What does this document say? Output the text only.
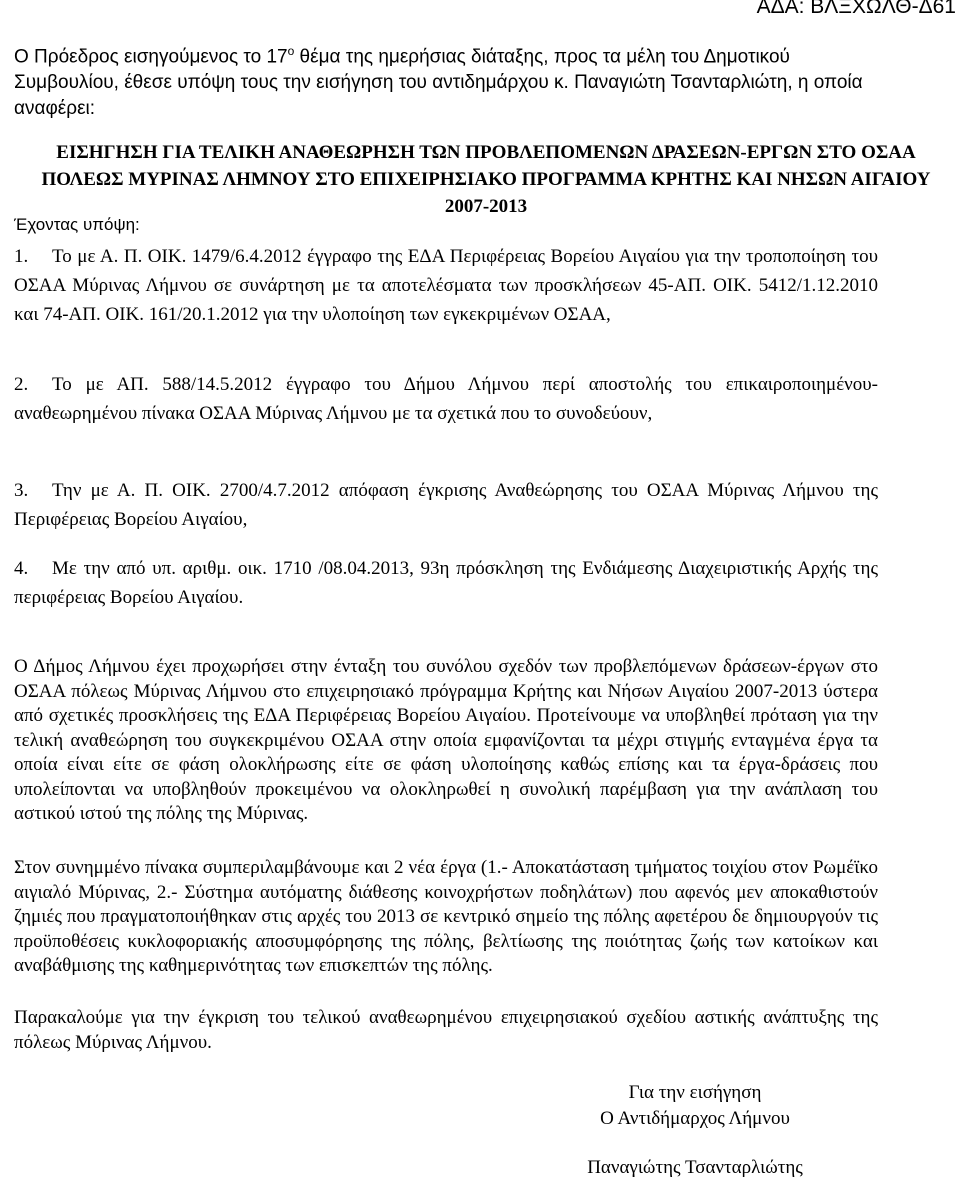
ΑΔΑ: ΒΛΞΧΩΛΘ-Δ61
Ο Πρόεδρος εισηγούμενος το $17^o$ θέμα της ημερήσιας διάταξης, προς τα μέλη του Δημοτικού Συμβουλίου, έθεσε υπόψη τους την εισήγηση του αντιδημάρχου κ. Παναγιώτη Τσανταρλιώτη, η οποία αναφέρει:
ΕΙΣΗΓΗΣΗ ΓΙΑ ΤΕΛΙΚΗ ΑΝΑΘΕΩΡΗΣΗ ΤΩΝ ΠΡΟΒΛΕΠΟΜΕΝΩΝ ΔΡΑΣΕΩΝ-ΕΡΓΩΝ ΣΤΟ ΟΣΑΑ ΠΟΛΕΩΣ ΜΥΡΙΝΑΣ ΛΗΜΝΟΥ ΣΤΟ ΕΠΙΧΕΙΡΗΣΙΑΚΟ ΠΡΟΓΡΑΜΜΑ ΚΡΗΤΗΣ ΚΑΙ ΝΗΣΩΝ ΑΙΓΑΙΟΥ 2007-2013
Έχοντας υπόψη:
1. Το με Α. Π. ΟΙΚ. 1479/6.4.2012 έγγραφο της ΕΔΑ Περιφέρειας Βορείου Αιγαίου για την τροποποίηση του ΟΣΑΑ Μύρινας Λήμνου σε συνάρτηση με τα αποτελέσματα των προσκλήσεων 45-ΑΠ. ΟΙΚ. 5412/1.12.2010 και 74-ΑΠ. ΟΙΚ. 161/20.1.2012 για την υλοποίηση των εγκεκριμένων ΟΣΑΑ,
2. Το με ΑΠ. 588/14.5.2012 έγγραφο του Δήμου Λήμνου περί αποστολής του επικαιροποιημένου-αναθεωρημένου πίνακα ΟΣΑΑ Μύρινας Λήμνου με τα σχετικά που το συνοδεύουν,
3. Την με Α. Π. ΟΙΚ. 2700/4.7.2012 απόφαση έγκρισης Αναθεώρησης του ΟΣΑΑ Μύρινας Λήμνου της Περιφέρειας Βορείου Αιγαίου,
4. Με την από υπ. αριθμ. οικ. 1710 /08.04.2013, 93η πρόσκληση της Ενδιάμεσης Διαχειριστικής Αρχής της περιφέρειας Βορείου Αιγαίου.
Ο Δήμος Λήμνου έχει προχωρήσει στην ένταξη του συνόλου σχεδόν των προβλεπόμενων δράσεων-έργων στο ΟΣΑΑ πόλεως Μύρινας Λήμνου στο επιχειρησιακό πρόγραμμα Κρήτης και Νήσων Αιγαίου 2007-2013 ύστερα από σχετικές προσκλήσεις της ΕΔΑ Περιφέρειας Βορείου Αιγαίου. Προτείνουμε να υποβληθεί πρόταση για την τελική αναθεώρηση του συγκεκριμένου ΟΣΑΑ στην οποία εμφανίζονται τα μέχρι στιγμής ενταγμένα έργα τα οποία είναι είτε σε φάση ολοκλήρωσης είτε σε φάση υλοποίησης καθώς επίσης και τα έργα-δράσεις που υπολείπονται να υποβληθούν προκειμένου να ολοκληρωθεί η συνολική παρέμβαση για την ανάπλαση του αστικού ιστού της πόλης της Μύρινας.
Στον συνημμένο πίνακα συμπεριλαμβάνουμε και 2 νέα έργα (1.- Αποκατάσταση τμήματος τοιχίου στον Ρωμέϊκο αιγιαλό Μύρινας, 2.- Σύστημα αυτόματης διάθεσης κοινοχρήστων ποδηλάτων) που αφενός μεν αποκαθιστούν ζημιές που πραγματοποιήθηκαν στις αρχές του 2013 σε κεντρικό σημείο της πόλης αφετέρου δε δημιουργούν τις προϋποθέσεις κυκλοφοριακής αποσυμφόρησης της πόλης, βελτίωσης της ποιότητας ζωής των κατοίκων και αναβάθμισης της καθημερινότητας των επισκεπτών της πόλης.
Παρακαλούμε για την έγκριση του τελικού αναθεωρημένου επιχειρησιακού σχεδίου αστικής ανάπτυξης της πόλεως Μύρινας Λήμνου.
Για την εισήγηση
Ο Αντιδήμαρχος Λήμνου
Παναγιώτης Τσανταρλιώτης
